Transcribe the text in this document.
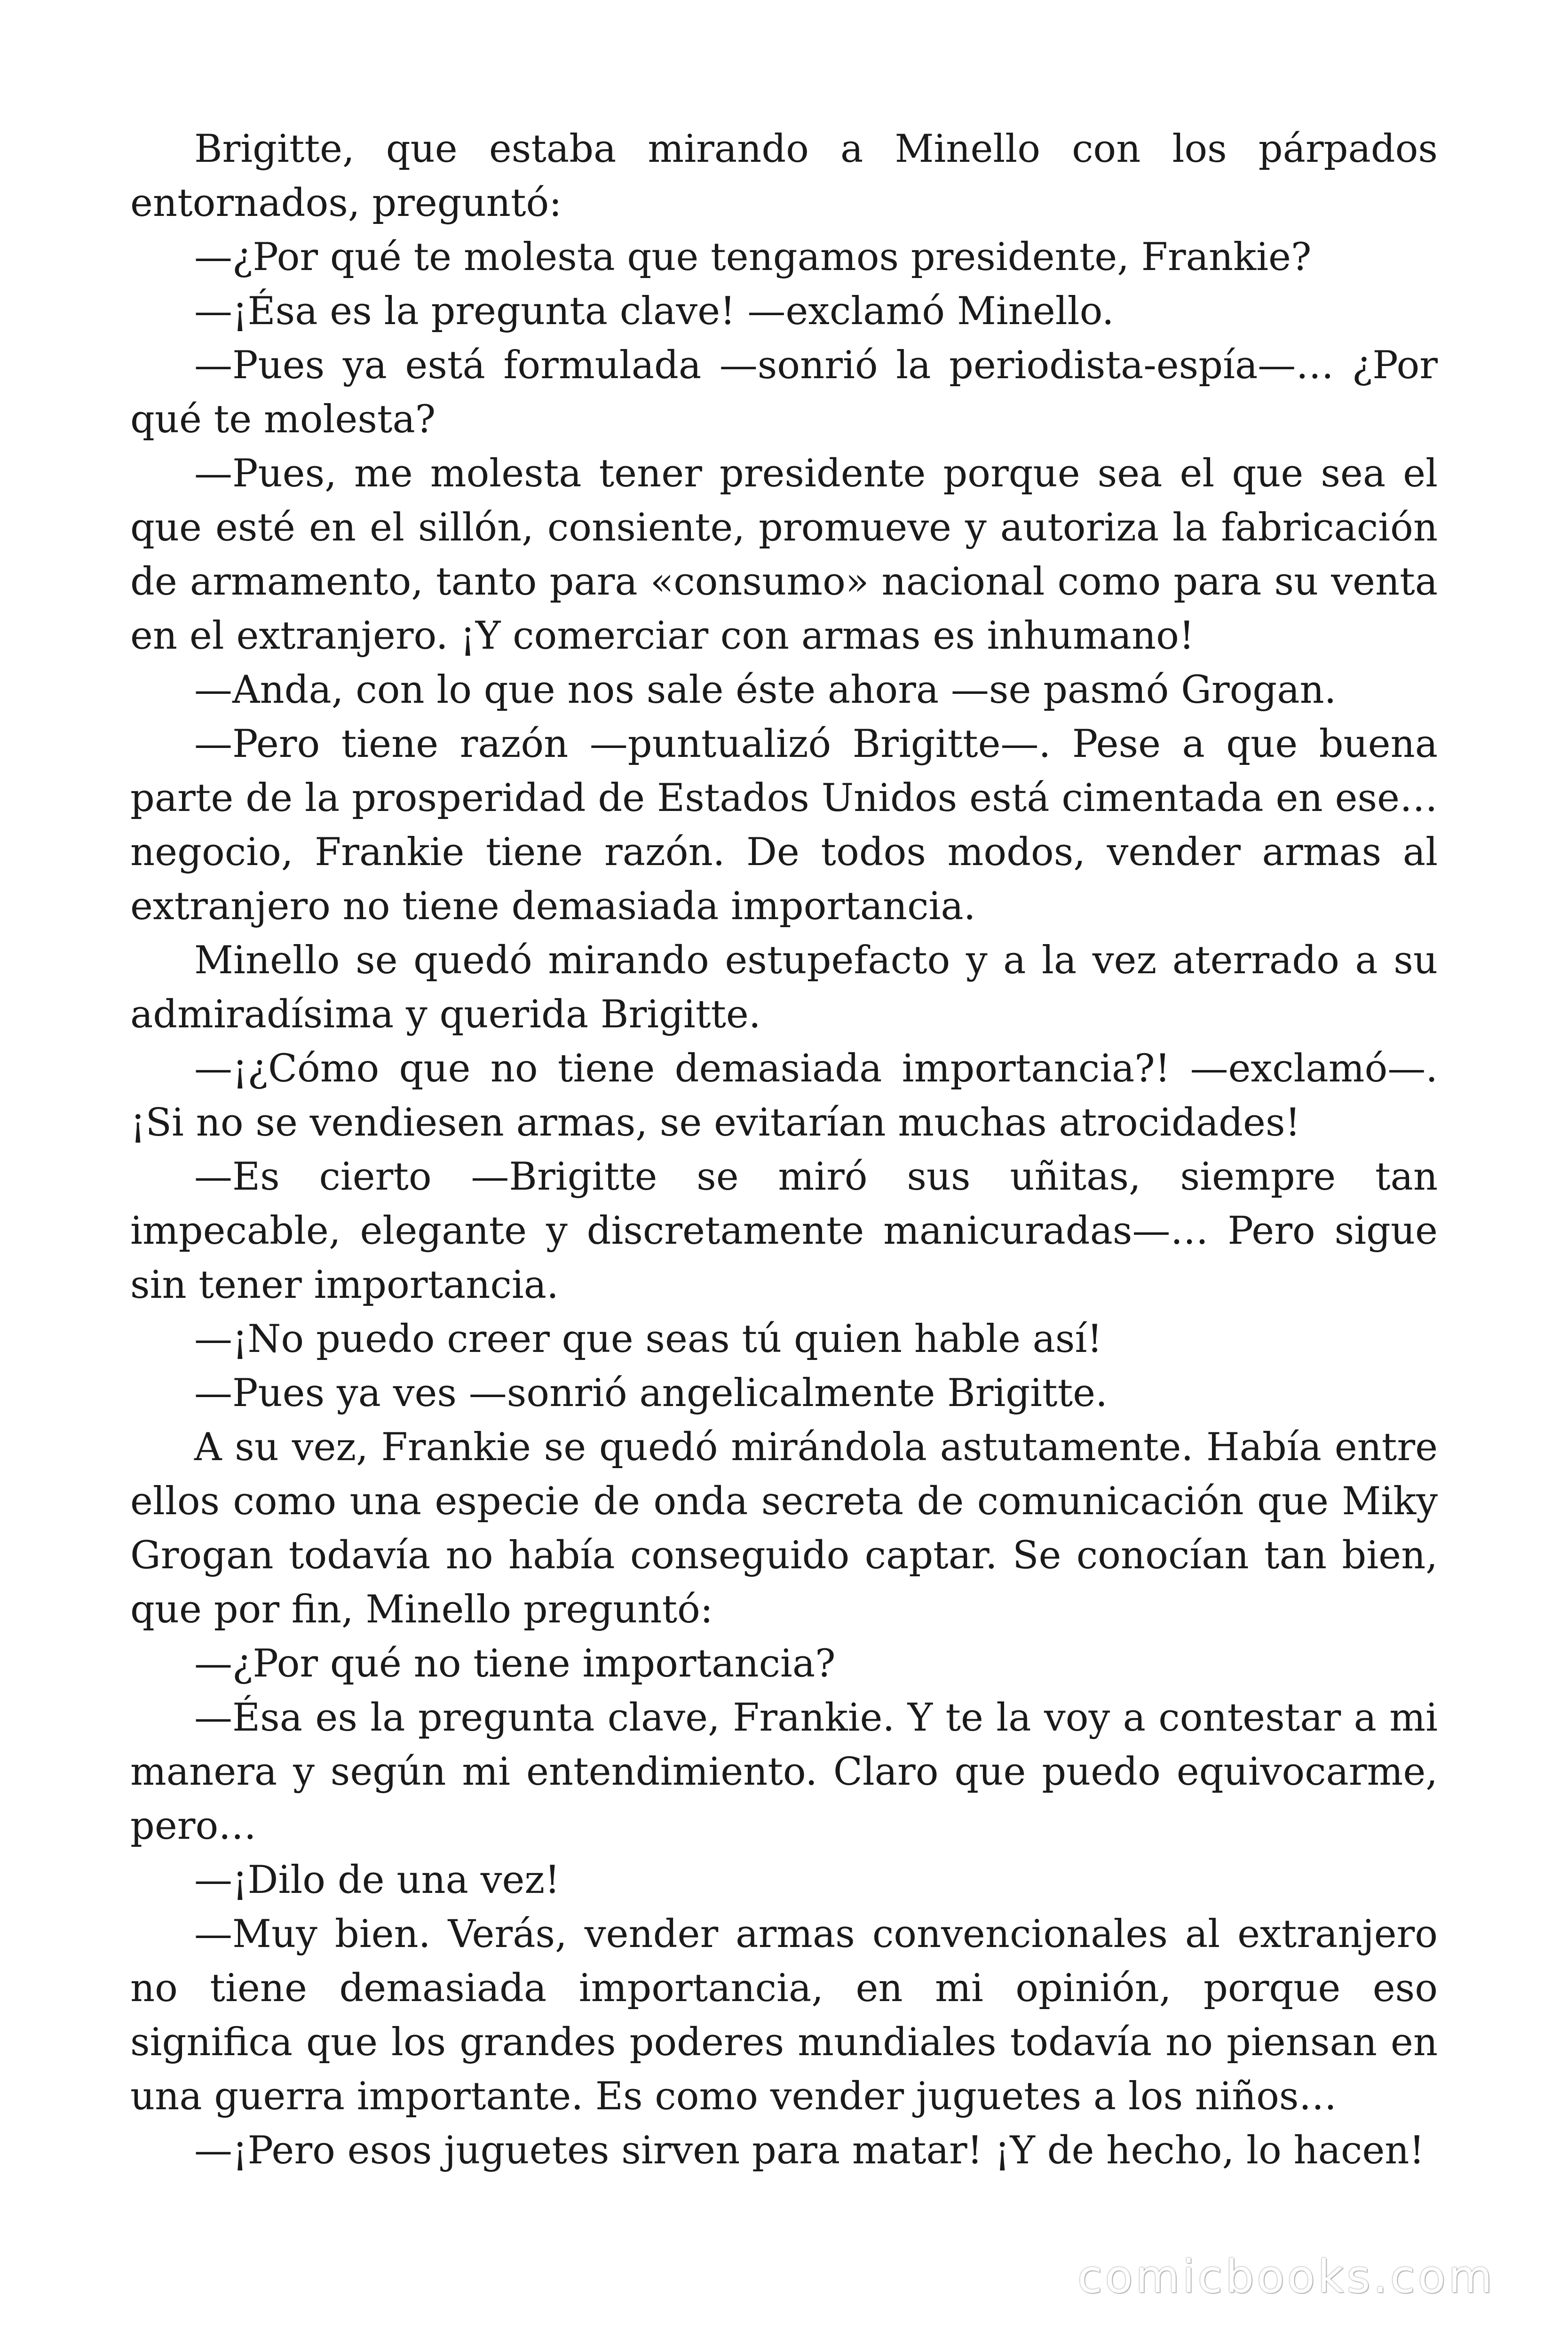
Brigitte, que estaba mirando a Minello con los párpados entornados, preguntó:

—¿Por qué te molesta que tengamos presidente, Frankie?

—¡Ésa es la pregunta clave! —exclamó Minello.

—Pues ya está formulada —sonrió la periodista-espía—… ¿Por qué te molesta?

—Pues, me molesta tener presidente porque sea el que sea el que esté en el sillón, consiente, promueve y autoriza la fabricación de armamento, tanto para «consumo» nacional como para su venta en el extranjero. ¡Y comerciar con armas es inhumano!

—Anda, con lo que nos sale éste ahora —se pasmó Grogan.

—Pero tiene razón —puntualizó Brigitte—. Pese a que buena parte de la prosperidad de Estados Unidos está cimentada en ese… negocio, Frankie tiene razón. De todos modos, vender armas al extranjero no tiene demasiada importancia.

Minello se quedó mirando estupefacto y a la vez aterrado a su admiradísima y querida Brigitte.

—¡¿Cómo que no tiene demasiada importancia?! —exclamó—. ¡Si no se vendiesen armas, se evitarían muchas atrocidades!

—Es cierto —Brigitte se miró sus uñitas, siempre tan impecable, elegante y discretamente manicuradas—… Pero sigue sin tener importancia.

—¡No puedo creer que seas tú quien hable así!

—Pues ya ves —sonrió angelicalmente Brigitte.

A su vez, Frankie se quedó mirándola astutamente. Había entre ellos como una especie de onda secreta de comunicación que Miky Grogan todavía no había conseguido captar. Se conocían tan bien, que por fin, Minello preguntó:

—¿Por qué no tiene importancia?

—Ésa es la pregunta clave, Frankie. Y te la voy a contestar a mi manera y según mi entendimiento. Claro que puedo equivocarme, pero…

—¡Dilo de una vez!

—Muy bien. Verás, vender armas convencionales al extranjero no tiene demasiada importancia, en mi opinión, porque eso significa que los grandes poderes mundiales todavía no piensan en una guerra importante. Es como vender juguetes a los niños…

—¡Pero esos juguetes sirven para matar! ¡Y de hecho, lo hacen!

comicbooks.com
